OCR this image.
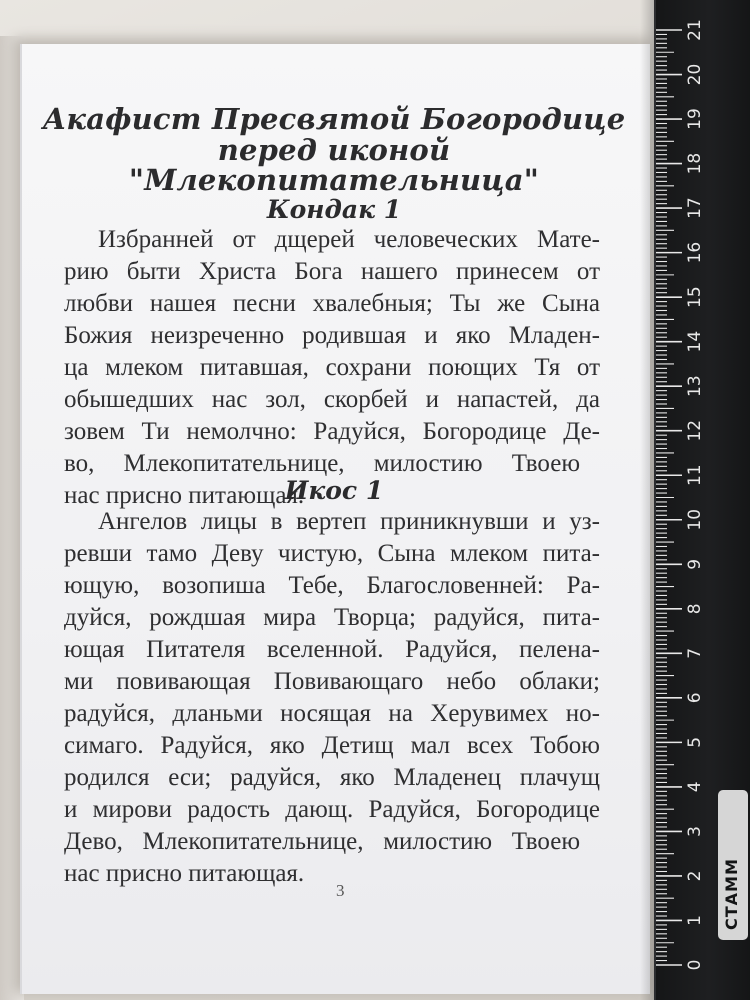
Акафист Пресвятой Богородице
перед иконой
"Млекопитательница"
Кондак 1

Избранней от дщерей человеческих Мате-

рию быти Христа Бога нашего принесем от

любви нашея песни хвалебныя; Ты же Сына

Божия неизреченно родившая и яко Младен-

ца млеком питавшая, сохрани поющих Тя от

обышедших нас зол, скорбей и напастей, да

зовем Ти немолчно: Радуйся, Богородице Де-

во, Млекопитательнице, милостию Твоею

нас присно питающая.

Икос 1

Ангелов лицы в вертеп приникнувши и уз-

ревши тамо Деву чистую, Сына млеком пита-

ющую, возопиша Тебе, Благословенней: Ра-

дуйся, рождшая мира Творца; радуйся, пита-

ющая Питателя вселенной. Радуйся, пелена-

ми повивающая Повивающаго небо облаки;

радуйся, дланьми носящая на Херувимех но-

симаго. Радуйся, яко Детищ мал всех Тобою

родился еси; радуйся, яко Младенец плачущ

и мирови радость дающ. Радуйся, Богородице

Дево, Млекопитательнице, милостию Твоею

нас присно питающая.

3
0
1
2
3
4
5
6
7
8
9
10
11
12
13
14
15
16
17
18
19
20
21
СТАММ
